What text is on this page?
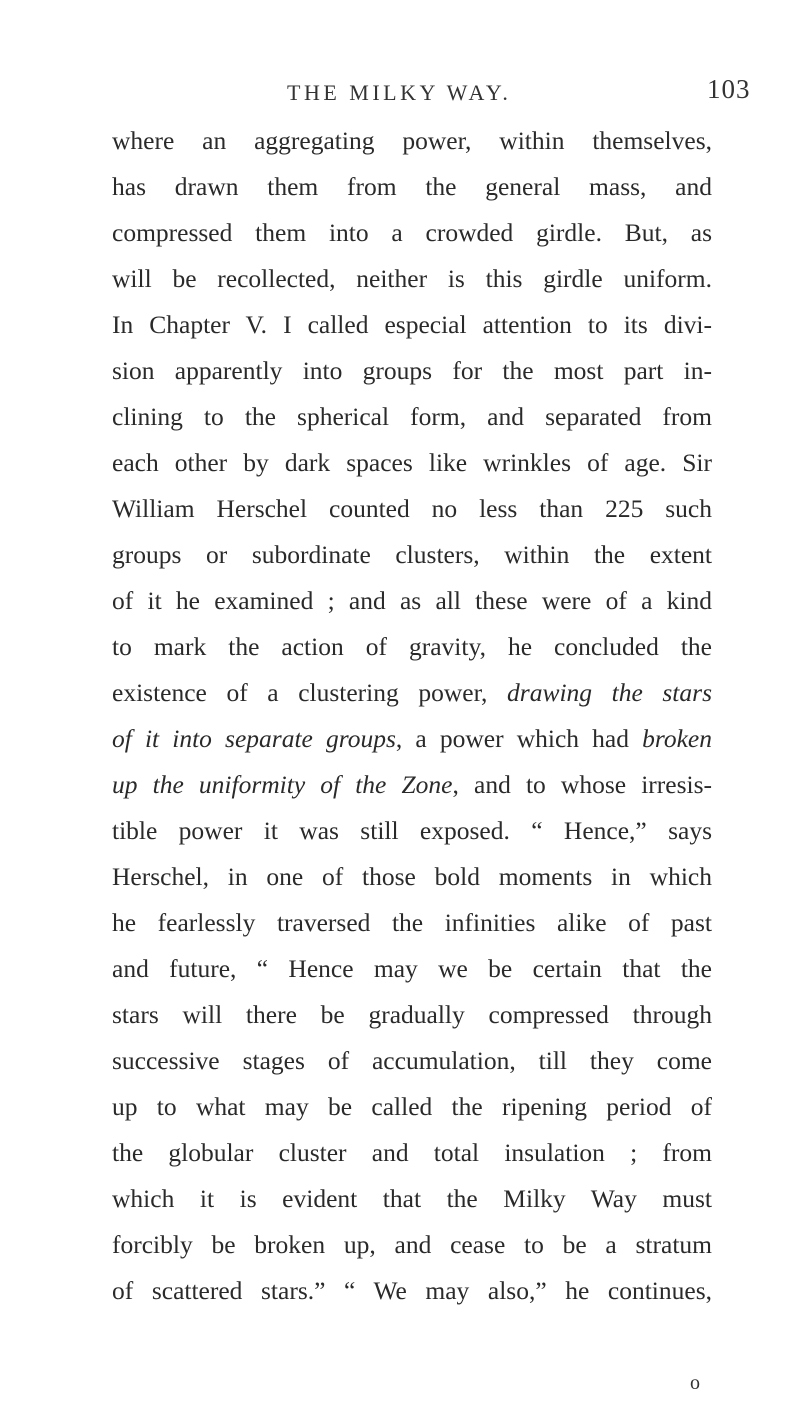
THE MILKY WAY.	103
where an aggregating power, within themselves,
has drawn them from the general mass, and
compressed them into a crowded girdle. But, as
will be recollected, neither is this girdle uniform.
In Chapter V. I called especial attention to its divi-
sion apparently into groups for the most part in-
clining to the spherical form, and separated from
each other by dark spaces like wrinkles of age. Sir
William Herschel counted no less than 225 such
groups or subordinate clusters, within the extent
of it he examined ; and as all these were of a kind
to mark the action of gravity, he concluded the
existence of a clustering power, drawing the stars
of it into separate groups, a power which had broken
up the uniformity of the Zone, and to whose irresis-
tible power it was still exposed. “ Hence,” says
Herschel, in one of those bold moments in which
he fearlessly traversed the infinities alike of past
and future, “ Hence may we be certain that the
stars will there be gradually compressed through
successive stages of accumulation, till they come
up to what may be called the ripening period of
the globular cluster and total insulation ; from
which it is evident that the Milky Way must
forcibly be broken up, and cease to be a stratum
of scattered stars.” “ We may also,” he continues,
o
